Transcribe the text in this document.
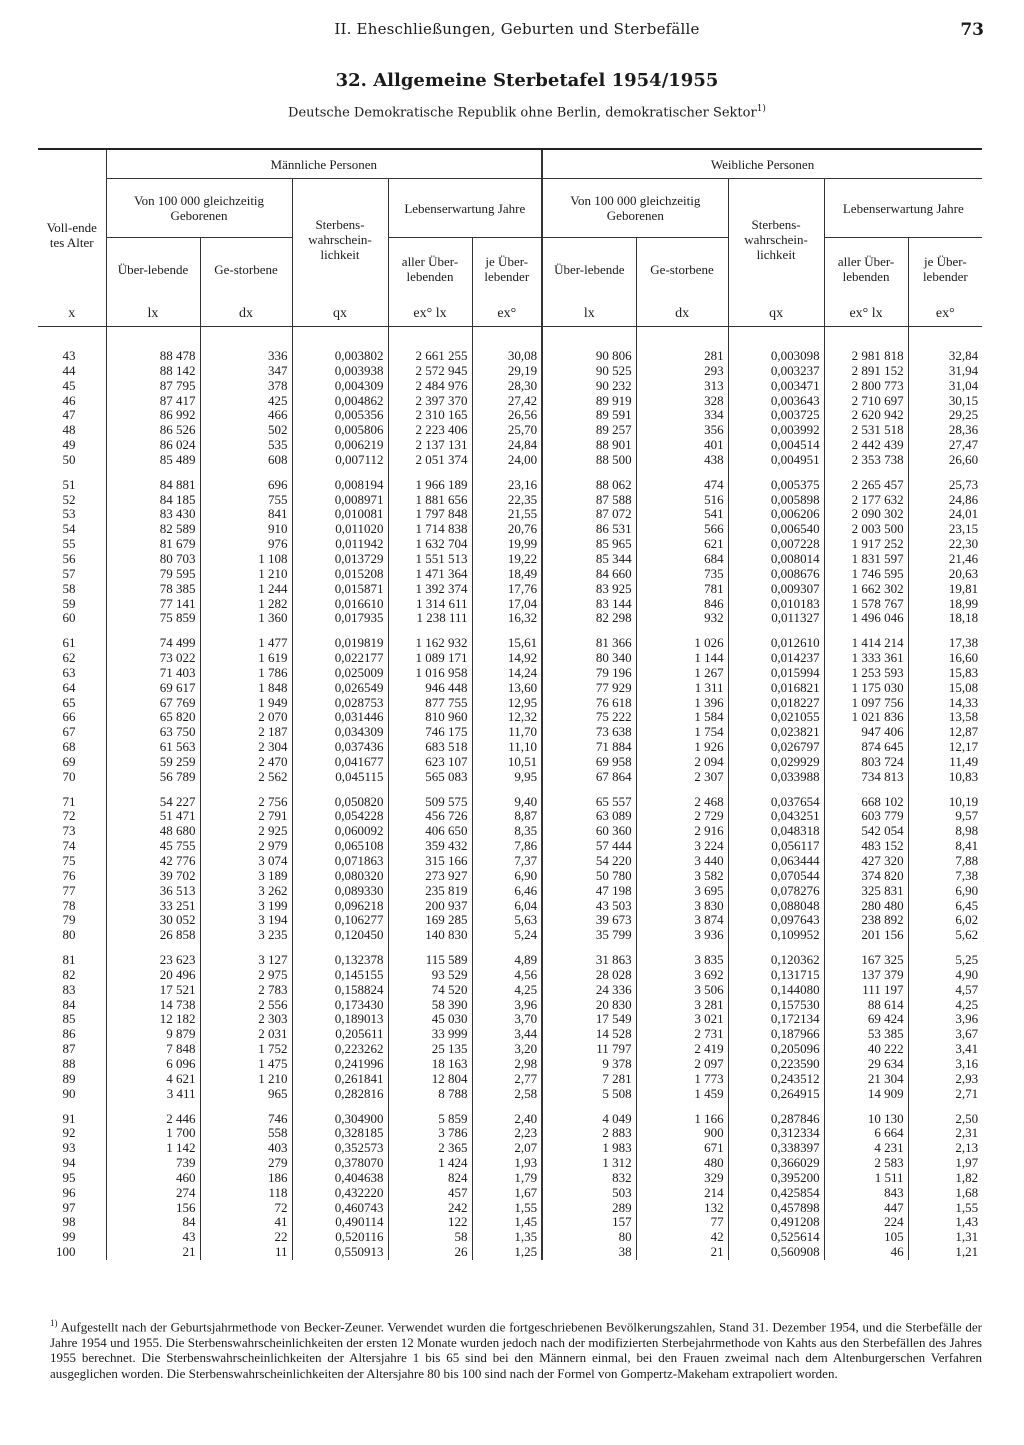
II. Eheschließungen, Geburten und Sterbefälle	73
32. Allgemeine Sterbetafel 1954/1955
Deutsche Demokratische Republik ohne Berlin, demokratischer Sektor$^{1)}$
Voll-endetes Alter	Männliche Personen					Weibliche Personen				
	Von 100 000 gleichzeitig Geborenen		Sterbens-wahrschein-lichkeit	Lebenserwartung Jahre		Von 100 000 gleichzeitig Geborenen		Sterbens-wahrschein-lichkeit	Lebenserwartung Jahre	
	Über-lebende	Ge-storbene		aller Über-lebenden	je Über-lebender	Über-lebende	Ge-storbene		aller Über-lebenden	je Über-lebender
x	lx	dx	qx	ex° lx	ex°	lx	dx	qx	ex° lx	ex°

43	88 478	336	0,003802	2 661 255	30,08	90 806	281	0,003098	2 981 818	32,84
44	88 142	347	0,003938	2 572 945	29,19	90 525	293	0,003237	2 891 152	31,94
45	87 795	378	0,004309	2 484 976	28,30	90 232	313	0,003471	2 800 773	31,04
46	87 417	425	0,004862	2 397 370	27,42	89 919	328	0,003643	2 710 697	30,15
47	86 992	466	0,005356	2 310 165	26,56	89 591	334	0,003725	2 620 942	29,25
48	86 526	502	0,005806	2 223 406	25,70	89 257	356	0,003992	2 531 518	28,36
49	86 024	535	0,006219	2 137 131	24,84	88 901	401	0,004514	2 442 439	27,47
50	85 489	608	0,007112	2 051 374	24,00	88 500	438	0,004951	2 353 738	26,60

51	84 881	696	0,008194	1 966 189	23,16	88 062	474	0,005375	2 265 457	25,73
52	84 185	755	0,008971	1 881 656	22,35	87 588	516	0,005898	2 177 632	24,86
53	83 430	841	0,010081	1 797 848	21,55	87 072	541	0,006206	2 090 302	24,01
54	82 589	910	0,011020	1 714 838	20,76	86 531	566	0,006540	2 003 500	23,15
55	81 679	976	0,011942	1 632 704	19,99	85 965	621	0,007228	1 917 252	22,30
56	80 703	1 108	0,013729	1 551 513	19,22	85 344	684	0,008014	1 831 597	21,46
57	79 595	1 210	0,015208	1 471 364	18,49	84 660	735	0,008676	1 746 595	20,63
58	78 385	1 244	0,015871	1 392 374	17,76	83 925	781	0,009307	1 662 302	19,81
59	77 141	1 282	0,016610	1 314 611	17,04	83 144	846	0,010183	1 578 767	18,99
60	75 859	1 360	0,017935	1 238 111	16,32	82 298	932	0,011327	1 496 046	18,18

61	74 499	1 477	0,019819	1 162 932	15,61	81 366	1 026	0,012610	1 414 214	17,38
62	73 022	1 619	0,022177	1 089 171	14,92	80 340	1 144	0,014237	1 333 361	16,60
63	71 403	1 786	0,025009	1 016 958	14,24	79 196	1 267	0,015994	1 253 593	15,83
64	69 617	1 848	0,026549	946 448	13,60	77 929	1 311	0,016821	1 175 030	15,08
65	67 769	1 949	0,028753	877 755	12,95	76 618	1 396	0,018227	1 097 756	14,33
66	65 820	2 070	0,031446	810 960	12,32	75 222	1 584	0,021055	1 021 836	13,58
67	63 750	2 187	0,034309	746 175	11,70	73 638	1 754	0,023821	947 406	12,87
68	61 563	2 304	0,037436	683 518	11,10	71 884	1 926	0,026797	874 645	12,17
69	59 259	2 470	0,041677	623 107	10,51	69 958	2 094	0,029929	803 724	11,49
70	56 789	2 562	0,045115	565 083	9,95	67 864	2 307	0,033988	734 813	10,83

71	54 227	2 756	0,050820	509 575	9,40	65 557	2 468	0,037654	668 102	10,19
72	51 471	2 791	0,054228	456 726	8,87	63 089	2 729	0,043251	603 779	9,57
73	48 680	2 925	0,060092	406 650	8,35	60 360	2 916	0,048318	542 054	8,98
74	45 755	2 979	0,065108	359 432	7,86	57 444	3 224	0,056117	483 152	8,41
75	42 776	3 074	0,071863	315 166	7,37	54 220	3 440	0,063444	427 320	7,88
76	39 702	3 189	0,080320	273 927	6,90	50 780	3 582	0,070544	374 820	7,38
77	36 513	3 262	0,089330	235 819	6,46	47 198	3 695	0,078276	325 831	6,90
78	33 251	3 199	0,096218	200 937	6,04	43 503	3 830	0,088048	280 480	6,45
79	30 052	3 194	0,106277	169 285	5,63	39 673	3 874	0,097643	238 892	6,02
80	26 858	3 235	0,120450	140 830	5,24	35 799	3 936	0,109952	201 156	5,62

81	23 623	3 127	0,132378	115 589	4,89	31 863	3 835	0,120362	167 325	5,25
82	20 496	2 975	0,145155	93 529	4,56	28 028	3 692	0,131715	137 379	4,90
83	17 521	2 783	0,158824	74 520	4,25	24 336	3 506	0,144080	111 197	4,57
84	14 738	2 556	0,173430	58 390	3,96	20 830	3 281	0,157530	88 614	4,25
85	12 182	2 303	0,189013	45 030	3,70	17 549	3 021	0,172134	69 424	3,96
86	9 879	2 031	0,205611	33 999	3,44	14 528	2 731	0,187966	53 385	3,67
87	7 848	1 752	0,223262	25 135	3,20	11 797	2 419	0,205096	40 222	3,41
88	6 096	1 475	0,241996	18 163	2,98	9 378	2 097	0,223590	29 634	3,16
89	4 621	1 210	0,261841	12 804	2,77	7 281	1 773	0,243512	21 304	2,93
90	3 411	965	0,282816	8 788	2,58	5 508	1 459	0,264915	14 909	2,71

91	2 446	746	0,304900	5 859	2,40	4 049	1 166	0,287846	10 130	2,50
92	1 700	558	0,328185	3 786	2,23	2 883	900	0,312334	6 664	2,31
93	1 142	403	0,352573	2 365	2,07	1 983	671	0,338397	4 231	2,13
94	739	279	0,378070	1 424	1,93	1 312	480	0,366029	2 583	1,97
95	460	186	0,404638	824	1,79	832	329	0,395200	1 511	1,82
96	274	118	0,432220	457	1,67	503	214	0,425854	843	1,68
97	156	72	0,460743	242	1,55	289	132	0,457898	447	1,55
98	84	41	0,490114	122	1,45	157	77	0,491208	224	1,43
99	43	22	0,520116	58	1,35	80	42	0,525614	105	1,31
100	21	11	0,550913	26	1,25	38	21	0,560908	46	1,21
$^{1)}$ Aufgestellt nach der Geburtsjahrmethode von Becker-Zeuner. Verwendet wurden die fortgeschriebenen Bevölkerungszahlen, Stand 31. Dezember 1954, und die Sterbefälle der Jahre 1954 und 1955. Die Sterbenswahrscheinlichkeiten der ersten 12 Monate wurden jedoch nach der modifizierten Sterbejahrmethode von Kahts aus den Sterbefällen des Jahres 1955 berechnet. Die Sterbenswahrscheinlichkeiten der Altersjahre 1 bis 65 sind bei den Männern einmal, bei den Frauen zweimal nach dem Altenburgerschen Verfahren ausgeglichen worden. Die Sterbenswahrscheinlichkeiten der Altersjahre 80 bis 100 sind nach der Formel von Gompertz-Makeham extrapoliert worden.
